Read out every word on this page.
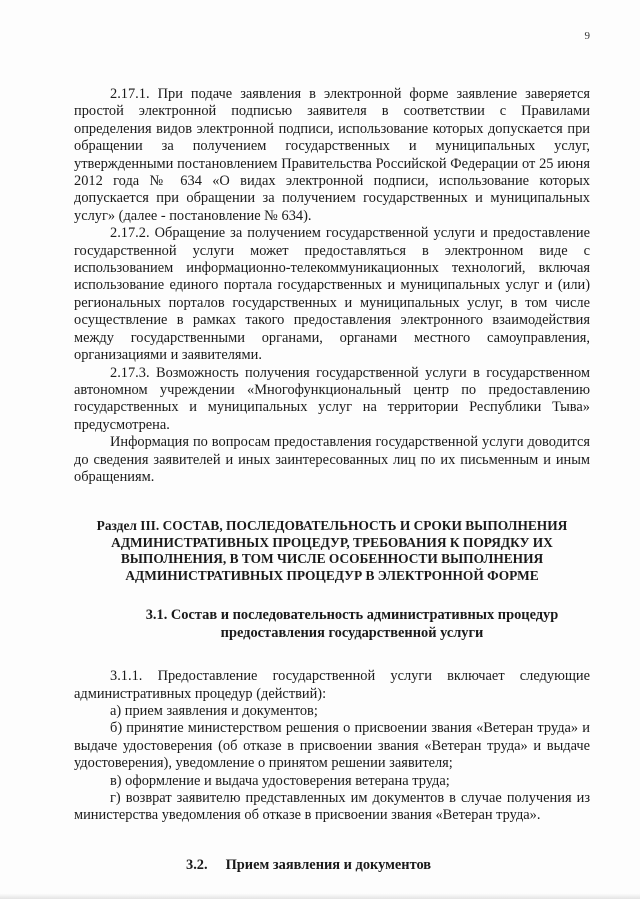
9

2.17.1. При подаче заявления в электронной форме заявление заверяется простой электронной подписью заявителя в соответствии с Правилами определения видов электронной подписи, использование которых допускается при обращении за получением государственных и муниципальных услуг, утвержденными постановлением Правительства Российской Федерации от 25 июня 2012 года № 634 «О видах электронной подписи, использование которых допускается при обращении за получением государственных и муниципальных услуг» (далее - постановление № 634).

2.17.2. Обращение за получением государственной услуги и предоставление государственной услуги может предоставляться в электронном виде с использованием информационно-телекоммуникационных технологий, включая использование единого портала государственных и муниципальных услуг и (или) региональных порталов государственных и муниципальных услуг, в том числе осуществление в рамках такого предоставления электронного взаимодействия между государственными органами, органами местного самоуправления, организациями и заявителями.

2.17.3. Возможность получения государственной услуги в государственном автономном учреждении «Многофункциональный центр по предоставлению государственных и муниципальных услуг на территории Республики Тыва» предусмотрена.

Информация по вопросам предоставления государственной услуги доводится до сведения заявителей и иных заинтересованных лиц по их письменным и иным обращениям.

Раздел III. СОСТАВ, ПОСЛЕДОВАТЕЛЬНОСТЬ И СРОКИ ВЫПОЛНЕНИЯ АДМИНИСТРАТИВНЫХ ПРОЦЕДУР, ТРЕБОВАНИЯ К ПОРЯДКУ ИХ ВЫПОЛНЕНИЯ, В ТОМ ЧИСЛЕ ОСОБЕННОСТИ ВЫПОЛНЕНИЯ АДМИНИСТРАТИВНЫХ ПРОЦЕДУР В ЭЛЕКТРОННОЙ ФОРМЕ
3.1. Состав и последовательность административных процедур предоставления государственной услуги

3.1.1. Предоставление государственной услуги включает следующие административных процедур (действий):

а) прием заявления и документов;

б) принятие министерством решения о присвоении звания «Ветеран труда» и выдаче удостоверения (об отказе в присвоении звания «Ветеран труда» и выдаче удостоверения), уведомление о принятом решении заявителя;

в) оформление и выдача удостоверения ветерана труда;

г) возврат заявителю представленных им документов в случае получения из министерства уведомления об отказе в присвоении звания «Ветеран труда».

3.2. Прием заявления и документов
